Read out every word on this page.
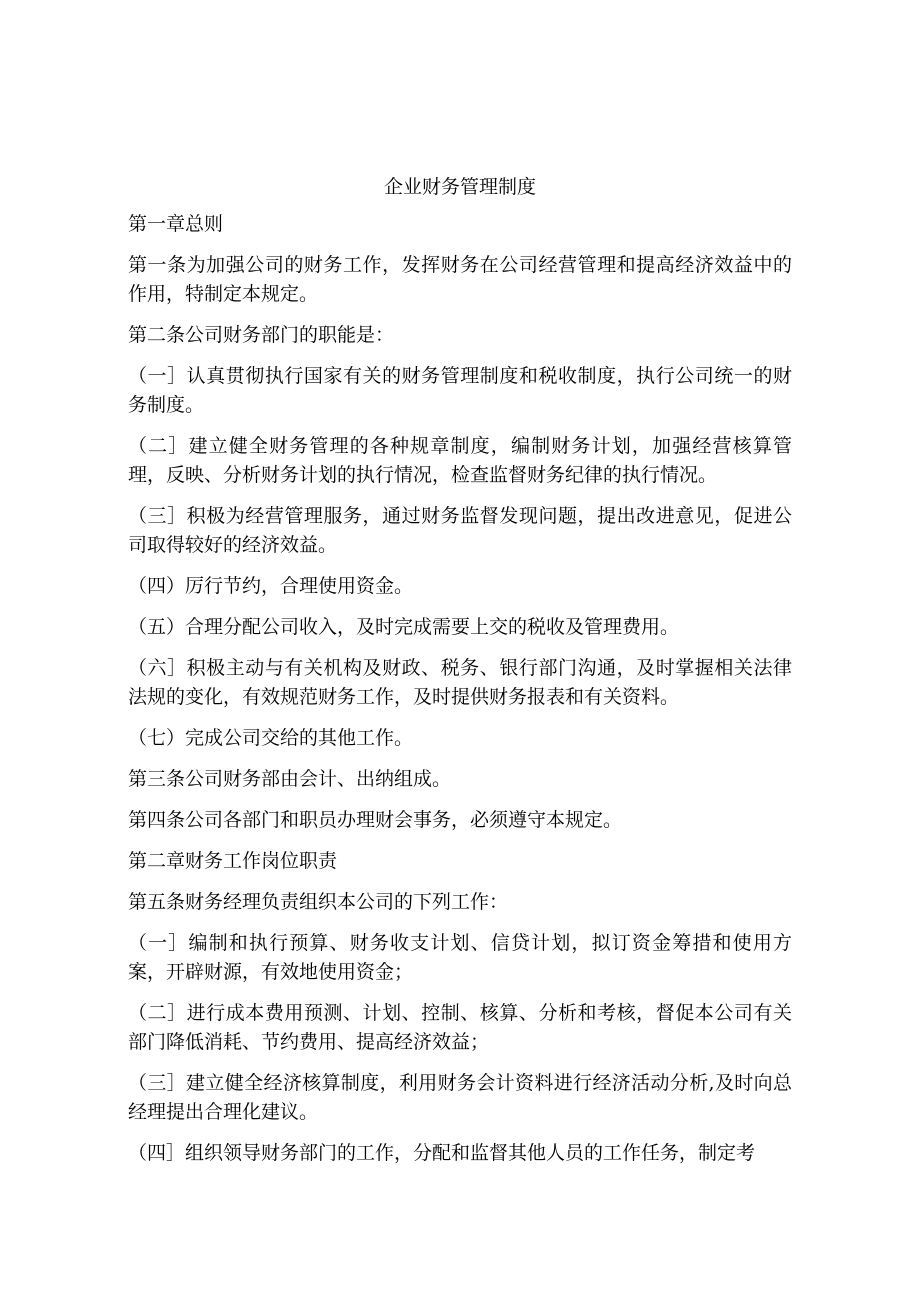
企业财务管理制度

第一章总则

第一条为加强公司的财务工作，发挥财务在公司经营管理和提高经济效益中的作用，特制定本规定。

第二条公司财务部门的职能是：

（一］认真贯彻执行国家有关的财务管理制度和税收制度，执行公司统一的财务制度。

（二］建立健全财务管理的各种规章制度，编制财务计划，加强经营核算管理，反映、分析财务计划的执行情况，检查监督财务纪律的执行情况。

（三］积极为经营管理服务，通过财务监督发现问题，提出改进意见，促进公司取得较好的经济效益。

（四）厉行节约，合理使用资金。

（五）合理分配公司收入，及时完成需要上交的税收及管理费用。

（六］积极主动与有关机构及财政、税务、银行部门沟通，及时掌握相关法律法规的变化，有效规范财务工作，及时提供财务报表和有关资料。

（七）完成公司交给的其他工作。

第三条公司财务部由会计、出纳组成。

第四条公司各部门和职员办理财会事务，必须遵守本规定。

第二章财务工作岗位职责

第五条财务经理负责组织本公司的下列工作：

（一］编制和执行预算、财务收支计划、信贷计划，拟订资金筹措和使用方案，开辟财源，有效地使用资金；

（二］进行成本费用预测、计划、控制、核算、分析和考核，督促本公司有关部门降低消耗、节约费用、提高经济效益；

（三］建立健全经济核算制度，利用财务会计资料进行经济活动分析,及时向总经理提出合理化建议。

（四］组织领导财务部门的工作，分配和监督其他人员的工作任务，制定考
